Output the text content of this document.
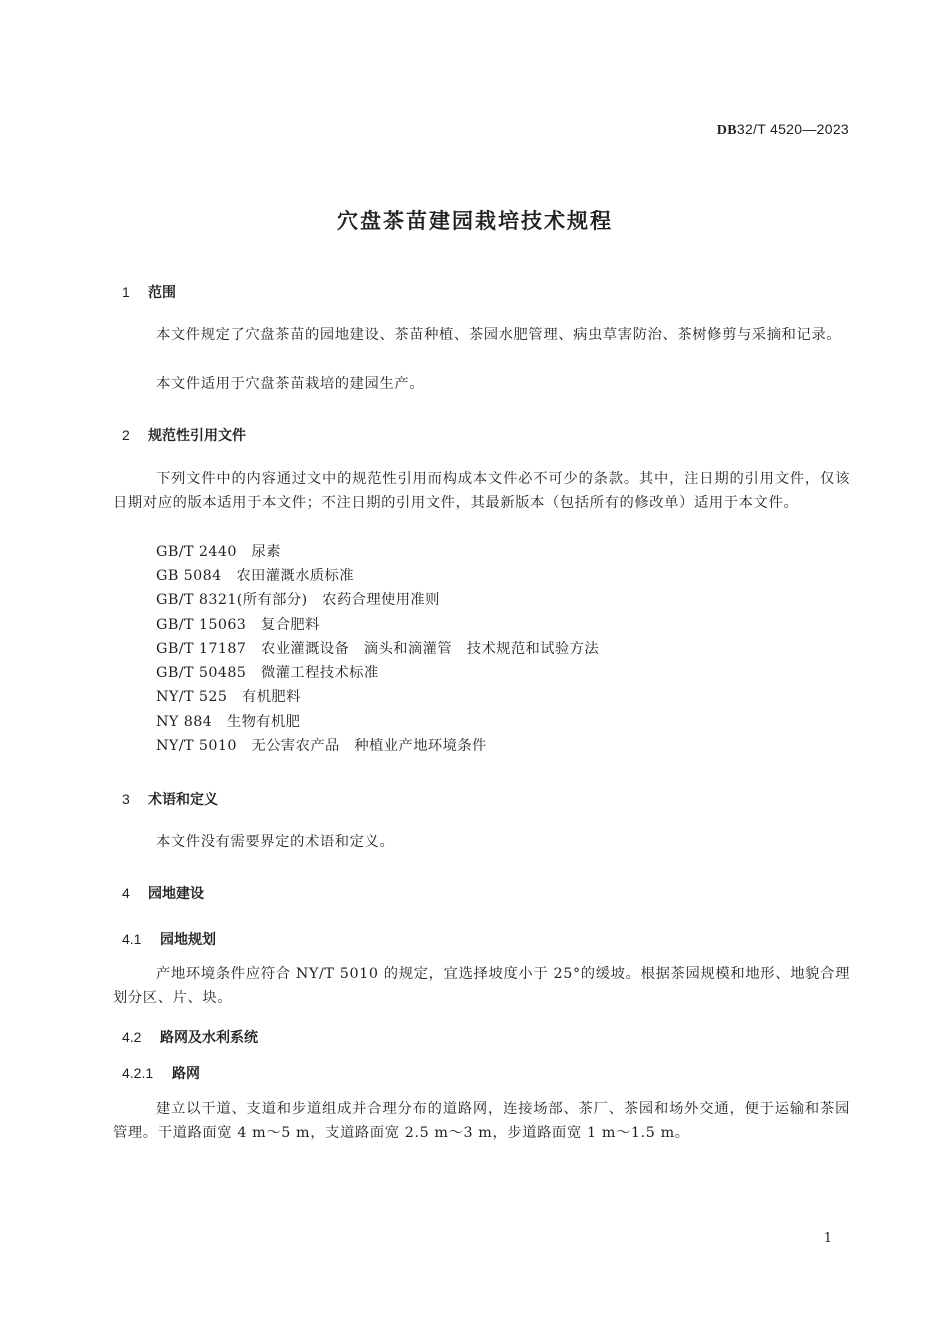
DB32/T 4520—2023
穴盘茶苗建园栽培技术规程
1 范围
本文件规定了穴盘茶苗的园地建设、茶苗种植、茶园水肥管理、病虫草害防治、茶树修剪与采摘和记录。
本文件适用于穴盘茶苗栽培的建园生产。
2 规范性引用文件
下列文件中的内容通过文中的规范性引用而构成本文件必不可少的条款。其中，注日期的引用文件，仅该日期对应的版本适用于本文件；不注日期的引用文件，其最新版本（包括所有的修改单）适用于本文件。
GB/T 2440　尿素
GB 5084　农田灌溉水质标准
GB/T 8321(所有部分)　农药合理使用准则
GB/T 15063　复合肥料
GB/T 17187　农业灌溉设备　滴头和滴灌管　技术规范和试验方法
GB/T 50485　微灌工程技术标准
NY/T 525　有机肥料
NY 884　生物有机肥
NY/T 5010　无公害农产品　种植业产地环境条件
3 术语和定义
本文件没有需要界定的术语和定义。
4 园地建设
4.1 园地规划
产地环境条件应符合 NY/T 5010 的规定，宜选择坡度小于 25°的缓坡。根据茶园规模和地形、地貌合理划分区、片、块。
4.2 路网及水利系统
4.2.1 路网
建立以干道、支道和步道组成并合理分布的道路网，连接场部、茶厂、茶园和场外交通，便于运输和茶园管理。干道路面宽 4 m～5 m，支道路面宽 2.5 m～3 m，步道路面宽 1 m～1.5 m。
1
